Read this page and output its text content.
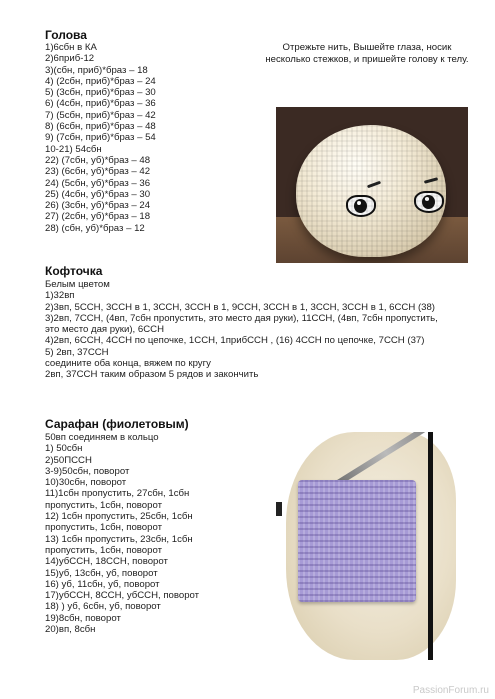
Голова
1)6сбн в КА
2)6приб-12
3)(сбн, приб)*браз – 18
4) (2сбн, приб)*браз – 24
5) (3сбн, приб)*браз – 30
6) (4сбн, приб)*браз – 36
7) (5сбн, приб)*браз – 42
8) (6сбн, приб)*браз – 48
9) (7сбн, приб)*браз – 54
10-21) 54сбн
22) (7сбн, уб)*браз – 48
23) (6сбн, уб)*браз – 42
24) (5сбн, уб)*браз – 36
25) (4сбн, уб)*браз – 30
26) (3сбн, уб)*браз – 24
27) (2сбн, уб)*браз – 18
28) (сбн, уб)*браз – 12
Отрежьте нить, Вышейте глаза, носик несколько стежков, и пришейте голову к телу.
Кофточка
Белым цветом
1)32вп
2)3вп, 5ССН, 3ССН в 1, 3ССН, 3ССН в 1, 9ССН, 3ССН в 1, 3ССН, 3ССН в 1, 6ССН (38)
3)2вп, 7ССН, (4вп, 7сбн пропустить, это место дая руки), 11ССН, (4вп, 7сбн пропустить, это место дая руки), 6ССН
4)2вп, 6ССН, 4ССН по цепочке, 1ССН, 1прибССН , (16) 4ССН по цепочке, 7ССН (37)
5) 2вп, 37ССН
соедините оба конца, вяжем по кругу
2вп, 37ССН таким образом 5 рядов и закончить
Сарафан (фиолетовым)
50вп соединяем в кольцо
1) 50сбн
2)50ПССН
3-9)50сбн, поворот
10)30сбн, поворот
11)1сбн пропустить, 27сбн, 1сбн
пропустить, 1сбн, поворот
12) 1сбн пропустить, 25сбн, 1сбн
пропустить, 1сбн, поворот
13) 1сбн пропустить, 23сбн, 1сбн
пропустить, 1сбн, поворот
14)убССН, 18ССН, поворот
15)уб, 13сбн, уб, поворот
16) уб, 11сбн, уб, поворот
17)убССН, 8ССН, убССН, поворот
18) ) уб, 6сбн, уб, поворот
19)8сбн, поворот
20)вп, 8сбн
PassionForum.ru
